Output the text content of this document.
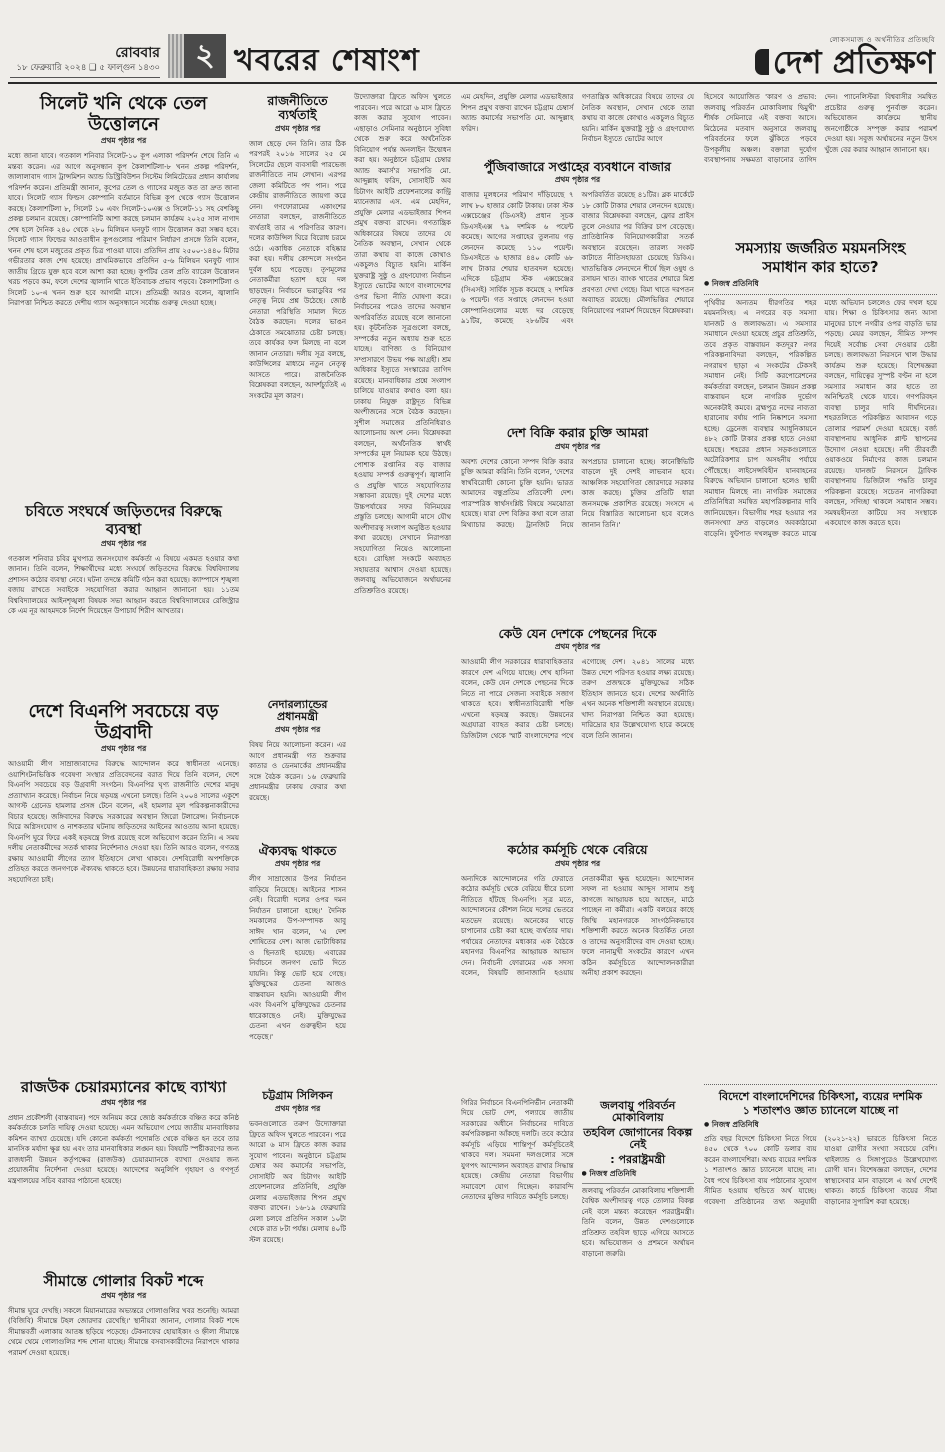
রোববার
১৮ ফেব্রুয়ারি ২০২৪ ❑ ৫ ফাল্গুন ১৪৩০	২ খবরের শেষাংশ
লোকসমাজ ও অর্থনীতির প্রতিচ্ছবি
দেশ প্রতিক্ষণ
সিলেট খনি থেকে তেল উত্তোলনে
প্রথম পৃষ্ঠার পর
মধ্যে জানা যাবে। গতকাল শনিবার সিলেট-১০ কূপ এলাকা পরিদর্শন শেষে তিনি এ মন্তব্য করেন। এর আগে অনুসন্ধান কূপ কৈলাশটিলা-৮ খনন প্রকল্প পরিদর্শন, জালালাবাদ গ্যাস ট্রান্সমিশন অ্যান্ড ডিস্ট্রিবিউশন সিস্টেম লিমিটেডের প্রধান কার্যালয় পরিদর্শন করেন। প্রতিমন্ত্রী জানান, কূপের তেল ও গ্যাসের মজুত কত তা দ্রুত জানা যাবে। সিলেট গ্যাস ফিল্ডস কোম্পানি বর্তমানে বিভিন্ন কূপ থেকে গ্যাস উত্তোলন করছে। কৈলাশটিলা ৮, সিলেট ১০ এবং সিলেট-১০এক্স ও সিলেট-১১ সহ বেশকিছু প্রকল্প চলমান রয়েছে। কোম্পানিটি আশা করছে চলমান কার্যক্রম ২০২৫ সাল নাগাদ শেষ হলে দৈনিক ২৪০ থেকে ২৮০ মিলিয়ন ঘনফুট গ্যাস উত্তোলন করা সম্ভব হবে। সিলেট গ্যাস ফিল্ডের আওতাধীন কূপগুলোর পরিমাণ নির্ধারণ প্রসঙ্গে তিনি বলেন, খনন শেষ হলে মজুতের প্রকৃত চিত্র পাওয়া যাবে। প্রতিদিন প্রায় ২৫০০-১৪৪০ মিটার গভীরতার কাজ শেষ হয়েছে। প্রাথমিকভাবে প্রতিদিন ৫-৬ মিলিয়ন ঘনফুট গ্যাস জাতীয় গ্রিডে যুক্ত হবে বলে আশা করা হচ্ছে। কূপটির তেল প্রতি ব্যারেল উত্তোলন খরচ পড়বে কম, ফলে দেশের জ্বালানি খাতে ইতিবাচক প্রভাব পড়বে। কৈলাশটিলা ও সিলেট ১০-এ খনন শুরু হবে আগামী মাসে। প্রতিমন্ত্রী আরও বলেন, জ্বালানি নিরাপত্তা নিশ্চিত করতে দেশীয় গ্যাস অনুসন্ধানে সর্বোচ্চ গুরুত্ব দেওয়া হচ্ছে।
চবিতে সংঘর্ষে জড়িতদের বিরুদ্ধে ব্যবস্থা
প্রথম পৃষ্ঠার পর
গতকাল শনিবার চবির মুখপাত্র জনসংযোগ কর্মকর্তা এ বিষয়ে একমত হওয়ার কথা জানান। তিনি বলেন, শিক্ষার্থীদের মধ্যে সংঘর্ষে জড়িতদের বিরুদ্ধে বিশ্ববিদ্যালয় প্রশাসন কঠোর ব্যবস্থা নেবে। ঘটনা তদন্তে কমিটি গঠন করা হয়েছে। ক্যাম্পাসে শৃঙ্খলা বজায় রাখতে সবাইকে সহযোগিতা করার আহ্বান জানানো হয়। ১১তম বিশ্ববিদ্যালয়ের আইনশৃঙ্খলা বিষয়ক সভা আহ্বান করতে বিশ্ববিদ্যালয়ের রেজিস্ট্রার কে এম নূর আহমদকে নির্দেশ দিয়েছেন উপাচার্য শিরীণ আখতার।
দেশে বিএনপি সবচেয়ে বড় উগ্রবাদী
প্রথম পৃষ্ঠার পর
আওয়ামী লীগ সাম্রাজ্যবাদের বিরুদ্ধে আন্দোলন করে স্বাধীনতা এনেছে। ওয়াশিংটনভিত্তিক গবেষণা সংস্থার প্রতিবেদনের বরাত দিয়ে তিনি বলেন, দেশে বিএনপি সবচেয়ে বড় উগ্রবাদী সংগঠন। বিএনপির ঘৃণ্য রাজনীতি দেশের মানুষ প্রত্যাখ্যান করেছে। নির্বাচন নিয়ে ষড়যন্ত্র এখনো চলছে। তিনি ২০০৪ সালের একুশে আগস্ট গ্রেনেড হামলার প্রসঙ্গ টেনে বলেন, এই হামলার মূল পরিকল্পনাকারীদের বিচার হয়েছে। জঙ্গিবাদের বিরুদ্ধে সরকারের অবস্থান জিরো টলারেন্স। নির্বাচনকে ঘিরে অগ্নিসংযোগ ও নাশকতার ঘটনায় জড়িতদের আইনের আওতায় আনা হয়েছে। বিএনপি ঘুরে ফিরে একই ষড়যন্ত্রে লিপ্ত রয়েছে বলে অভিযোগ করেন তিনি। এ সময় দলীয় নেতাকর্মীদের সতর্ক থাকার নির্দেশনাও দেওয়া হয়। তিনি আরও বলেন, গণতন্ত্র রক্ষায় আওয়ামী লীগের ত্যাগ ইতিহাসে লেখা থাকবে। দেশবিরোধী অপশক্তিকে প্রতিহত করতে জনগণকে ঐক্যবদ্ধ থাকতে হবে। উন্নয়নের ধারাবাহিকতা রক্ষায় সবার সহযোগিতা চাই।
রাজউক চেয়ারম্যানের কাছে ব্যাখ্যা
প্রথম পৃষ্ঠার পর
প্রধান প্রকৌশলী (বাস্তবায়ন) পদে অনিয়ম করে জ্যেষ্ঠ কর্মকর্তাকে বঞ্চিত করে কনিষ্ঠ কর্মকর্তাকে চলতি দায়িত্ব দেওয়া হয়েছে। এমন অভিযোগ পেয়ে জাতীয় মানবাধিকার কমিশন ব্যাখ্যা চেয়েছে। যদি কোনো কর্মকর্তা পদোন্নতি থেকে বঞ্চিত হন তবে তার মানসিক মর্যাদা ক্ষুণ্ণ হয় এবং তার মানবাধিকার লঙ্ঘন হয়। বিষয়টি স্পষ্টীকরণের জন্য রাজধানী উন্নয়ন কর্তৃপক্ষের (রাজউক) চেয়ারম্যানকে ব্যাখ্যা দেওয়ার জন্য প্রয়োজনীয় নির্দেশনা দেওয়া হয়েছে। আদেশের অনুলিপি গৃহায়ণ ও গণপূর্ত মন্ত্রণালয়ের সচিব বরাবর পাঠানো হয়েছে।
সীমান্তে গোলার বিকট শব্দে
প্রথম পৃষ্ঠার পর
সীমান্ত ঘুরে দেখছি। সকলে মিয়ানমারের অভ্যন্তরে গোলাগুলির খবর শুনেছি। আমরা (বিজিবি) সীমান্তে টহল জোরদার রেখেছি।' স্থানীয়রা জানান, গোলার বিকট শব্দে সীমান্তবর্তী এলাকায় আতঙ্ক ছড়িয়ে পড়েছে। টেকনাফের হোয়াইক্যং ও হ্নীলা সীমান্তে থেমে থেমে গোলাগুলির শব্দ শোনা যাচ্ছে। সীমান্তে বসবাসকারীদের নিরাপদে থাকার পরামর্শ দেওয়া হয়েছে।
রাজনীতিতে ব্যর্থতাই
প্রথম পৃষ্ঠার পর
জাল ছেড়ে দেন তিনি। তার ঠিক পরপরই ২০১৬ সালের ২৫ মে সিলেটের ছেলে ব্যবসায়ী পারভেজ রাজনীতিতে নাম লেখান। এরপর জেলা কমিটিতে পদ পান। পরে কেন্দ্রীয় রাজনীতিতে জায়গা করে নেন। গণফোরামের একাংশের নেতারা বলছেন, রাজনীতিতে ব্যর্থতাই তার এ পরিণতির কারণ। দলের কাউন্সিল ঘিরে বিরোধ চরমে ওঠে। একাধিক নেতাকে বহিষ্কার করা হয়। দলীয় কোন্দলে সংগঠন দুর্বল হয়ে পড়েছে। তৃণমূলের নেতাকর্মীরা হতাশ হয়ে দল ছাড়ছেন। নির্বাচনে ভরাডুবির পর নেতৃত্ব নিয়ে প্রশ্ন উঠেছে। জ্যেষ্ঠ নেতারা পরিস্থিতি সামাল দিতে বৈঠক করছেন। দলের ভাঙন ঠেকাতে সমঝোতার চেষ্টা চলছে। তবে কার্যকর ফল মিলছে না বলে জানান নেতারা। দলীয় সূত্র বলছে, কাউন্সিলের মাধ্যমে নতুন নেতৃত্ব আসতে পারে। রাজনৈতিক বিশ্লেষকরা বলছেন, আদর্শচ্যুতিই এ সংকটের মূল কারণ।
নেদারল্যান্ডের প্রধানমন্ত্রী
প্রথম পৃষ্ঠার পর
বিষয় নিয়ে আলোচনা করেন। এর আগে প্রধানমন্ত্রী গত শুক্রবার কাতার ও ডেনমার্কের প্রধানমন্ত্রীর সঙ্গে বৈঠক করেন। ১৬ ফেব্রুয়ারি প্রধানমন্ত্রীর ঢাকায় ফেরার কথা রয়েছে।
ঐক্যবদ্ধ থাকতে
প্রথম পৃষ্ঠার পর
লীগ সাম্রাজ্যের উপর নির্যাতন বাড়িয়ে নিয়েছে। আইনের শাসন নেই। বিরোধী দলের ওপর দমন নির্যাতন চালানো হচ্ছে।' দৈনিক সমকালের উপ-সম্পাদক আবু সাঈদ খান বলেন, 'এ দেশ শোষিতের দেশ। আজ ভোটাধিকার ও ছিনতাই হয়েছে। এবারের নির্বাচনে জনগণ ভোট দিতে যায়নি। কিন্তু ভোট হয়ে গেছে। মুক্তিযুদ্ধের চেতনা আজও বাস্তবায়ন হয়নি। আওয়ামী লীগ এবং বিএনপি মুক্তিযুদ্ধের চেতনার ধারেকাছেও নেই। মুক্তিযুদ্ধের চেতনা এখন গুরুত্বহীন হয়ে পড়েছে।'
চট্টগ্রাম সিলিকন
প্রথম পৃষ্ঠার পর
ভবনগুলোতে তরুণ উদ্যোক্তারা ফ্রিতে অফিস খুলতে পারবেন। পরে আরো ৬ মাস ফ্রিতে কাজ করার সুযোগ পাবেন। অনুষ্ঠানে চট্টগ্রাম চেম্বার অব কমার্সের সভাপতি, সোসাইটি অব চিটাগং আইটি প্রফেশনালের প্রতিনিধি, প্রযুক্তি মেলার এডভাইজার শিপন প্রমুখ বক্তব্য রাখেন। ১৬-১৯ ফেব্রুয়ারি মেলা চলবে প্রতিদিন সকাল ১০টা থেকে রাত ৮টা পর্যন্ত। মেলায় ৪০টি স্টল রয়েছে।
উদ্যোক্তারা ফ্রিতে অফিস খুলতে পারবেন। পরে আরো ৬ মাস ফ্রিতে কাজ করার সুযোগ পাবেন। এছাড়াও সেমিনার অনুষ্ঠানে সুবিধা থেকে শুরু করে অর্থনৈতিক বিনিয়োগ পর্যন্ত অনলাইন উদ্বোধন করা হয়। অনুষ্ঠানে চট্টগ্রাম চেম্বার অ্যান্ড কমার্স'র সভাপতি মো. আব্দুল্লাহ ফরিদ, সোসাইটি অব চিটাগং আইটি প্রফেশনালের কান্ট্রি ম্যানেজার এস. এম মেহদিন, প্রযুক্তি মেলার এডভাইজার শিপন প্রমুখ বক্তব্য রাখেন। গণতান্ত্রিক অধিকারের বিষয়ে তাদের যে নৈতিক অবস্থান, সেখান থেকে তারা কথায় বা কাজে কোথাও একচুলও বিচ্যুত হয়নি। মার্কিন যুক্তরাষ্ট্র সুষ্ঠু ও গ্রহণযোগ্য নির্বাচন ইস্যুতে ভোটের আগে বাংলাদেশের ওপর ভিসা নীতি ঘোষণা করে। নির্বাচনের পরেও তাদের অবস্থান অপরিবর্তিত রয়েছে বলে জানানো হয়। কূটনৈতিক সূত্রগুলো বলছে, সম্পর্কের নতুন অধ্যায় শুরু হতে যাচ্ছে। বাণিজ্য ও বিনিয়োগ সম্প্রসারণে উভয় পক্ষ আগ্রহী। শ্রম অধিকার ইস্যুতে সংস্কারের তাগিদ রয়েছে। মানবাধিকার প্রশ্নে সংলাপ চালিয়ে যাওয়ার কথাও বলা হয়। ঢাকায় নিযুক্ত রাষ্ট্রদূত বিভিন্ন অংশীজনের সঙ্গে বৈঠক করছেন। সুশীল সমাজের প্রতিনিধিরাও আলোচনায় অংশ নেন। বিশ্লেষকরা বলছেন, অর্থনৈতিক স্বার্থই সম্পর্কের মূল নিয়ামক হয়ে উঠছে। পোশাক রপ্তানির বড় বাজার হওয়ায় সম্পর্ক গুরুত্বপূর্ণ। জ্বালানি ও প্রযুক্তি খাতে সহযোগিতার সম্ভাবনা রয়েছে। দুই দেশের মধ্যে উচ্চপর্যায়ের সফর বিনিময়ের প্রস্তুতি চলছে। আগামী মাসে যৌথ অংশীদারত্ব সংলাপ অনুষ্ঠিত হওয়ার কথা রয়েছে। সেখানে নিরাপত্তা সহযোগিতা নিয়েও আলোচনা হবে। রোহিঙ্গা সংকটে অব্যাহত সহায়তার আশ্বাস দেওয়া হয়েছে। জলবায়ু অভিযোজনে অর্থায়নের প্রতিশ্রুতিও রয়েছে।
এম মেহদিন, প্রযুক্তি মেলার এডভাইজার শিপন প্রমুখ বক্তব্য রাখেন চট্টগ্রাম চেম্বার্স অ্যান্ড কমার্সের সভাপতি মো. আব্দুল্লাহ ফরিদ।
গণতান্ত্রিক অধিকারের বিষয়ে তাদের যে নৈতিক অবস্থান, সেখান থেকে তারা কথায় বা কাজে কোথাও একচুলও বিচ্যুত হয়নি। মার্কিন যুক্তরাষ্ট্র সুষ্ঠু ও গ্রহণযোগ্য নির্বাচন ইস্যুতে ভোটের আগে
পুঁজিবাজারে সপ্তাহের ব্যবধানে বাজার
প্রথম পৃষ্ঠার পর
বাজার মূলধনের পরিমাণ দাঁড়িয়েছে ৭ লাখ ৮০ হাজার কোটি টাকায়। ঢাকা স্টক এক্সচেঞ্জের (ডিএসই) প্রধান সূচক ডিএসইএক্স ৭৯ দশমিক ৬ পয়েন্ট কমেছে। আগের সপ্তাহের তুলনায় গড় লেনদেন কমেছে ১১০ পয়েন্ট। ডিএসইতে ৬ হাজার ৪৪০ কোটি ৬৮ লাখ টাকার শেয়ার হাতবদল হয়েছে। এদিকে চট্টগ্রাম স্টক এক্সচেঞ্জের (সিএসই) সার্বিক সূচক কমেছে ২ দশমিক ৬ পয়েন্ট। গত সপ্তাহে লেনদেন হওয়া কোম্পানিগুলোর মধ্যে দর বেড়েছে ৯১টির, কমেছে ২৮৬টির এবং অপরিবর্তিত রয়েছে ৪১টির। ব্লক মার্কেটে ১৮ কোটি টাকার শেয়ার লেনদেন হয়েছে। বাজার বিশ্লেষকরা বলছেন, ফ্লোর প্রাইস তুলে নেওয়ার পর বিক্রির চাপ বেড়েছে। প্রাতিষ্ঠানিক বিনিয়োগকারীরা সতর্ক অবস্থানে রয়েছেন। তারল্য সংকট কাটাতে নীতিসহায়তা চেয়েছে ডিবিএ। খাতভিত্তিক লেনদেনে শীর্ষে ছিল ওষুধ ও রসায়ন খাত। ব্যাংক খাতের শেয়ারে মিশ্র প্রবণতা দেখা গেছে। বিমা খাতে দরপতন অব্যাহত রয়েছে। মৌলভিত্তির শেয়ারে বিনিয়োগের পরামর্শ দিয়েছেন বিশ্লেষকরা।
দেশ বিক্রি করার চুক্তি আমরা
প্রথম পৃষ্ঠার পর
অবশ্য দেশের কোনো সম্পদ বিক্রি করার চুক্তি আমরা করিনি। তিনি বলেন, 'দেশের স্বার্থবিরোধী কোনো চুক্তি হয়নি। ভারত আমাদের বন্ধুপ্রতিম প্রতিবেশী দেশ। পারস্পরিক স্বার্থসংশ্লিষ্ট বিষয়ে সমঝোতা হয়েছে। যারা দেশ বিক্রির কথা বলে তারা মিথ্যাচার করছে। ট্রানজিট নিয়ে অপপ্রচার চালানো হচ্ছে। কানেক্টিভিটি বাড়লে দুই দেশই লাভবান হবে। আঞ্চলিক সহযোগিতা জোরদারে সরকার কাজ করছে। চুক্তির প্রতিটি ধারা জনসমক্ষে প্রকাশিত রয়েছে। সংসদে এ নিয়ে বিস্তারিত আলোচনা হবে বলেও জানান তিনি।'
কেউ যেন দেশকে পেছনের দিকে
প্রথম পৃষ্ঠার পর
আওয়ামী লীগ সরকারের ধারাবাহিকতার কারণে দেশ এগিয়ে যাচ্ছে। শেখ হাসিনা বলেন, কেউ যেন দেশকে পেছনের দিকে নিতে না পারে সেজন্য সবাইকে সজাগ থাকতে হবে। স্বাধীনতাবিরোধী শক্তি এখনো ষড়যন্ত্র করছে। উন্নয়নের অগ্রযাত্রা ব্যাহত করার চেষ্টা চলছে। ডিজিটাল থেকে স্মার্ট বাংলাদেশের পথে এগোচ্ছে দেশ। ২০৪১ সালের মধ্যে উন্নত দেশে পরিণত হওয়ার লক্ষ্য রয়েছে। তরুণ প্রজন্মকে মুক্তিযুদ্ধের সঠিক ইতিহাস জানতে হবে। দেশের অর্থনীতি এখন অনেক শক্তিশালী অবস্থানে রয়েছে। খাদ্য নিরাপত্তা নিশ্চিত করা হয়েছে। দারিদ্র্যের হার উল্লেখযোগ্য হারে কমেছে বলে তিনি জানান।
কঠোর কর্মসূচি থেকে বেরিয়ে
প্রথম পৃষ্ঠার পর
অন্যদিকে আন্দোলনের গতি ফেরাতে কঠোর কর্মসূচি থেকে বেরিয়ে ধীরে চলো নীতিতে হাঁটছে বিএনপি। সূত্র মতে, আন্দোলনের কৌশল নিয়ে দলের ভেতরে মতভেদ রয়েছে। অনেকের ঘাড়ে চাপানোর চেষ্টা করা হচ্ছে ব্যর্থতার দায়। পর্যায়ের নেতাদের মধ্যকার এক বৈঠকে মহানগর বিএনপির আহ্বায়ক আভাস দেন। নির্বাচনী ফোরামের এক সদস্য বলেন, বিষয়টি জানাজানি হওয়ায় নেতাকর্মীরা ক্ষুব্ধ হয়েছেন। আন্দোলন সফল না হওয়ায় আব্দুস সালাম শুধু কাগজে আহ্বায়ক হয়ে আছেন, মাঠে পাচ্ছেন না কর্মীরা। একটি বলয়ের কাছে জিম্মি মহানগরকে সাংগঠনিকভাবে শক্তিশালী করতে অনেক বিতর্কিত নেতা ও তাদের অনুসারীদের বাদ দেওয়া হচ্ছে। ফলে নানামুখী সংকটের কারণে এখন কঠিন কর্মসূচিতে আন্দোলনকারীরা অনীহা প্রকাশ করছেন।
গিরির নির্বাচনে বিএনপিনির্ভীন নেতাকর্মী দিয়ে ভোট দেশ, পল্যায়ে জাতীয় সরকারের অধীনে নির্বাচনের দাবিতে কর্মপরিকল্পনা আঁকছে দলটি। তবে কঠোর কর্মসূচি এড়িয়ে শান্তিপূর্ণ কর্মসূচিতেই থাকবে দল। সমমনা দলগুলোর সঙ্গে যুগপৎ আন্দোলন অব্যাহত রাখার সিদ্ধান্ত হয়েছে। কেন্দ্রীয় নেতারা বিভাগীয় সমাবেশে যোগ দিচ্ছেন। কারাবন্দি নেতাদের মুক্তির দাবিতে কর্মসূচি চলছে।
জলবায়ু পরিবর্তন মোকাবিলায়
তহবিল জোগানের বিকল্প নেই
: পররাষ্ট্রমন্ত্রী
● নিজস্ব প্রতিনিধি
জলবায়ু পরিবর্তন মোকাবিলায় শক্তিশালী বৈশ্বিক অংশীদারত্ব গড়ে তোলার বিকল্প নেই বলে মন্তব্য করেছেন পররাষ্ট্রমন্ত্রী। তিনি বলেন, উন্নত দেশগুলোকে প্রতিশ্রুত তহবিল ছাড়ে এগিয়ে আসতে হবে। অভিযোজন ও প্রশমনে অর্থায়ন বাড়ানো জরুরি।
হিসেবে আয়োজিত 'কারণ ও প্রভাব: জলবায়ু পরিবর্তন মোকাবিলায় দ্বিমুখী' শীর্ষক সেমিনারে এই বক্তব্য আসে। মিঠেনের মতবাদ অনুসারে জলবায়ু পরিবর্তনের ফলে ঝুঁকিতে পড়বে উপকূলীয় অঞ্চল। বক্তারা দুর্যোগ ব্যবস্থাপনায় সক্ষমতা বাড়ানোর তাগিদ দেন। প্যানেলিস্টরা বিশ্ববাসীর সমন্বিত প্রচেষ্টার গুরুত্ব পুনর্ব্যক্ত করেন। অভিযোজন কার্যক্রমে স্থানীয় জনগোষ্ঠীকে সম্পৃক্ত করার পরামর্শ দেওয়া হয়। সবুজ অর্থায়নের নতুন উৎস খুঁজে বের করার আহ্বান জানানো হয়।
সমস্যায় জর্জরিত ময়মনসিংহ
সমাধান কার হাতে?
● নিজস্ব প্রতিনিধি
পৃথিবীর অন্যতম ধীরগতির শহর ময়মনসিংহ। এ নগরের বড় সমস্যা যানজট ও জলাবদ্ধতা। এ সমস্যার সমাধানে দেওয়া হয়েছে প্রচুর প্রতিশ্রুতি, তবে প্রকৃত বাস্তবায়ন কতদূর? নগর পরিকল্পনাবিদরা বলছেন, পরিকল্পিত নগরায়ণ ছাড়া এ সংকটের টেকসই সমাধান নেই। সিটি করপোরেশনের কর্মকর্তারা বলছেন, চলমান উন্নয়ন প্রকল্প বাস্তবায়ন হলে নাগরিক দুর্ভোগ অনেকটাই কমবে। ব্রহ্মপুত্র নদের নাব্যতা হারানোয় বর্ষায় পানি নিষ্কাশনে সমস্যা হচ্ছে। ড্রেনেজ ব্যবস্থার আধুনিকায়নে ৪৮২ কোটি টাকার প্রকল্প হাতে নেওয়া হয়েছে। শহরের প্রধান সড়কগুলোতে অটোরিকশার চাপ অসহনীয় পর্যায়ে পৌঁছেছে। লাইসেন্সবিহীন যানবাহনের বিরুদ্ধে অভিযান চালানো হলেও স্থায়ী সমাধান মিলছে না। নাগরিক সমাজের প্রতিনিধিরা সমন্বিত মহাপরিকল্পনার দাবি জানিয়েছেন। বিভাগীয় শহর হওয়ার পর জনসংখ্যা দ্রুত বাড়লেও অবকাঠামো বাড়েনি। ফুটপাত দখলমুক্ত করতে মাঝে মধ্যে অভিযান চললেও ফের দখল হয়ে যায়। শিক্ষা ও চিকিৎসার জন্য আসা মানুষের চাপে নগরীর ওপর বাড়তি ভার পড়ছে। মেয়র বলছেন, সীমিত সম্পদ দিয়েই সর্বোচ্চ সেবা দেওয়ার চেষ্টা চলছে। জলাবদ্ধতা নিরসনে খাল উদ্ধার কার্যক্রম শুরু হয়েছে। বিশেষজ্ঞরা বলছেন, দায়িত্বের সুস্পষ্ট বণ্টন না হলে সমস্যার সমাধান কার হাতে তা অনিশ্চিতই থেকে যাবে। গণপরিবহন ব্যবস্থা চালুর দাবি দীর্ঘদিনের। শহরতলিতে পরিকল্পিত আবাসন গড়ে তোলার পরামর্শ দেওয়া হয়েছে। বর্জ্য ব্যবস্থাপনায় আধুনিক প্লান্ট স্থাপনের উদ্যোগ নেওয়া হয়েছে। নদী তীরবর্তী ওয়াকওয়ে নির্মাণের কাজ চলমান রয়েছে। যানজট নিরসনে ট্রাফিক ব্যবস্থাপনায় ডিজিটাল পদ্ধতি চালুর পরিকল্পনা রয়েছে। সচেতন নাগরিকরা বলছেন, সদিচ্ছা থাকলে সমাধান সম্ভব। সমন্বয়হীনতা কাটিয়ে সব সংস্থাকে একযোগে কাজ করতে হবে।
বিদেশে বাংলাদেশিদের চিকিৎসা, ব্যয়ের দশমিক
১ শতাংশও জ্ঞাত চ্যানেলে যাচ্ছে না
● নিজস্ব প্রতিনিধি
প্রতি বছর বিদেশে চিকিৎসা নিতে গিয়ে ৪৫০ থেকে ৭০০ কোটি ডলার ব্যয় করেন বাংলাদেশিরা। অথচ ব্যয়ের দশমিক ১ শতাংশও জ্ঞাত চ্যানেলে যাচ্ছে না। বৈধ পথে চিকিৎসা ব্যয় পাঠানোর সুযোগ সীমিত হওয়ায় হুন্ডিতে অর্থ যাচ্ছে। গবেষণা প্রতিষ্ঠানের তথ্য অনুযায়ী (২০২১-২২) ভারতে চিকিৎসা নিতে যাওয়া রোগীর সংখ্যা সবচেয়ে বেশি। থাইল্যান্ড ও সিঙ্গাপুরেও উল্লেখযোগ্য রোগী যান। বিশেষজ্ঞরা বলছেন, দেশের স্বাস্থ্যসেবার মান বাড়ালে এ অর্থ দেশেই থাকত। কার্ডে চিকিৎসা ব্যয়ের সীমা বাড়ানোর সুপারিশ করা হয়েছে।
